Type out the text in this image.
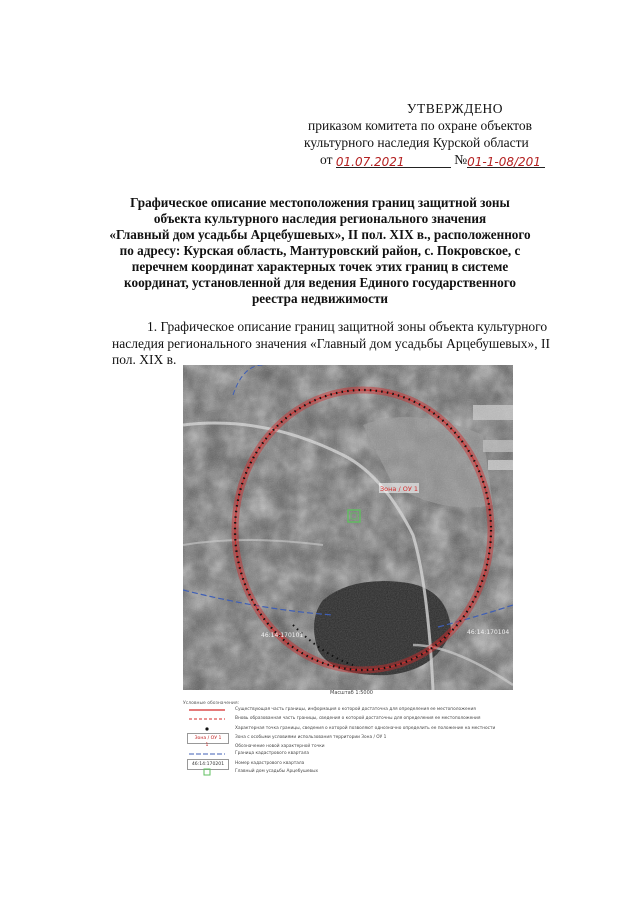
УТВЕРЖДЕНО
приказом комитета по охране объектов
культурного наследия Курской области
от 01.07.2021	№01-1-08/201
Графическое описание местоположения границ защитной зоны
объекта культурного наследия регионального значения
«Главный дом усадьбы Арцебушевых», II пол. XIX в., расположенного
по адресу: Курская область, Мантуровский район, с. Покровское, с
перечнем координат характерных точек этих границ в системе
координат, установленной для ведения Единого государственного
реестра недвижимости
1. Графическое описание границ защитной зоны объекта культурного наследия регионального значения «Главный дом усадьбы Арцебушевых», II пол. XIX в.
Зона / ОУ 1
46:14:170101	46:14:170104
Масштаб 1:5000
Условные обозначения:
Существующая часть границы, информация о которой достаточна для определения ее местоположения
Вновь образованная часть границы, сведения о которой достаточны для определения ее местоположения
Характерная точка границы, сведения о которой позволяют однозначно определить ее положение на местности
Зона / ОУ 1	Зона с особыми условиями использования территории Зона / ОУ 1
1	Обозначение новой характерной точки
Граница кадастрового квартала
46:14:170201	Номер кадастрового квартала
Главный дом усадьбы Арцебушевых
